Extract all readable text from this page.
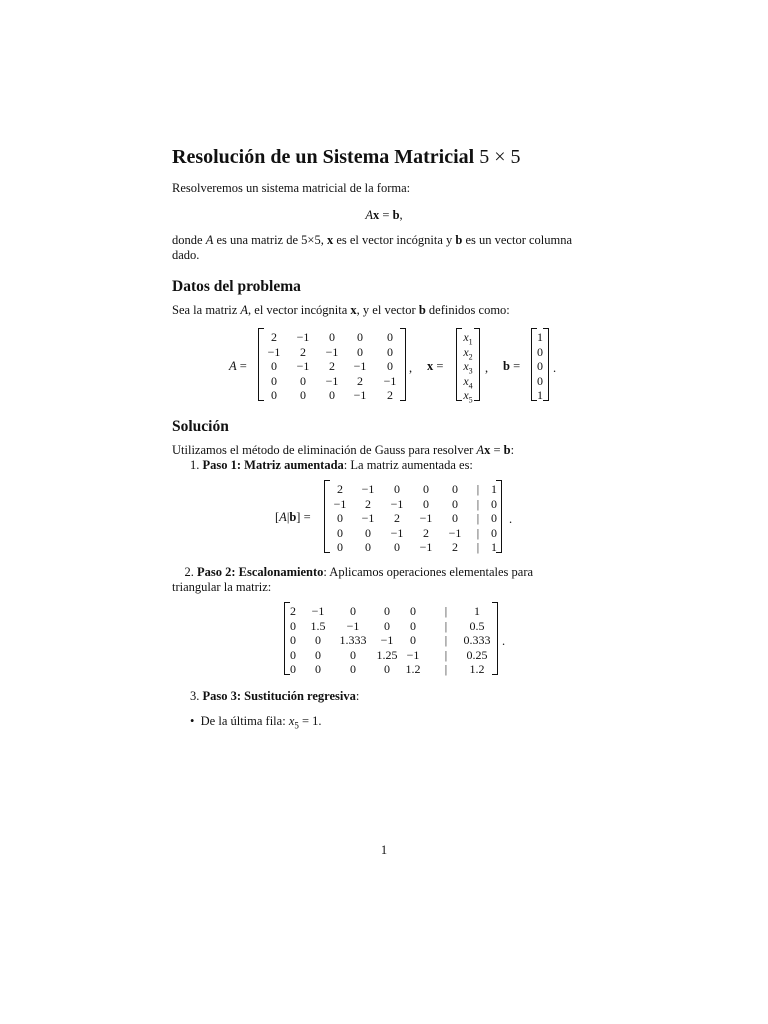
Resolución de un Sistema Matricial 5 × 5
Resolveremos un sistema matricial de la forma:
Ax = b,
donde A es una matriz de 5×5, x es el vector incógnita y b es un vector columna
dado.
Datos del problema
Sea la matriz A, el vector incógnita x, y el vector b definidos como:
A =
2 −1 0 0 0
−1 2 −1 0 0
0 −1 2 −1 0
0 0 −1 2 −1
0 0 0 −1 2
, x =
$x_1$
$x_2$
$x_3$
$x_4$
$x_5$
, b =
1
0
0
0
1
.
Solución
Utilizamos el método de eliminación de Gauss para resolver Ax = b:
1. Paso 1: Matriz aumentada: La matriz aumentada es:
[A|b] =
2 −1 0 0 0 | 1
−1 2 −1 0 0 | 0
0 −1 2 −1 0 | 0
0 0 −1 2 −1 | 0
0 0 0 −1 2 | 1
.
2. Paso 2: Escalonamiento: Aplicamos operaciones elementales para
triangular la matriz:
2 −1 0 0 0 | 1
0 1.5 −1 0 0 | 0.5
0 0 1.333 −1 0 | 0.333
0 0 0 1.25 −1 | 0.25
0 0 0 0 1.2 | 1.2
.
3. Paso 3: Sustitución regresiva:
• De la última fila: $x_5 = 1$.
1
